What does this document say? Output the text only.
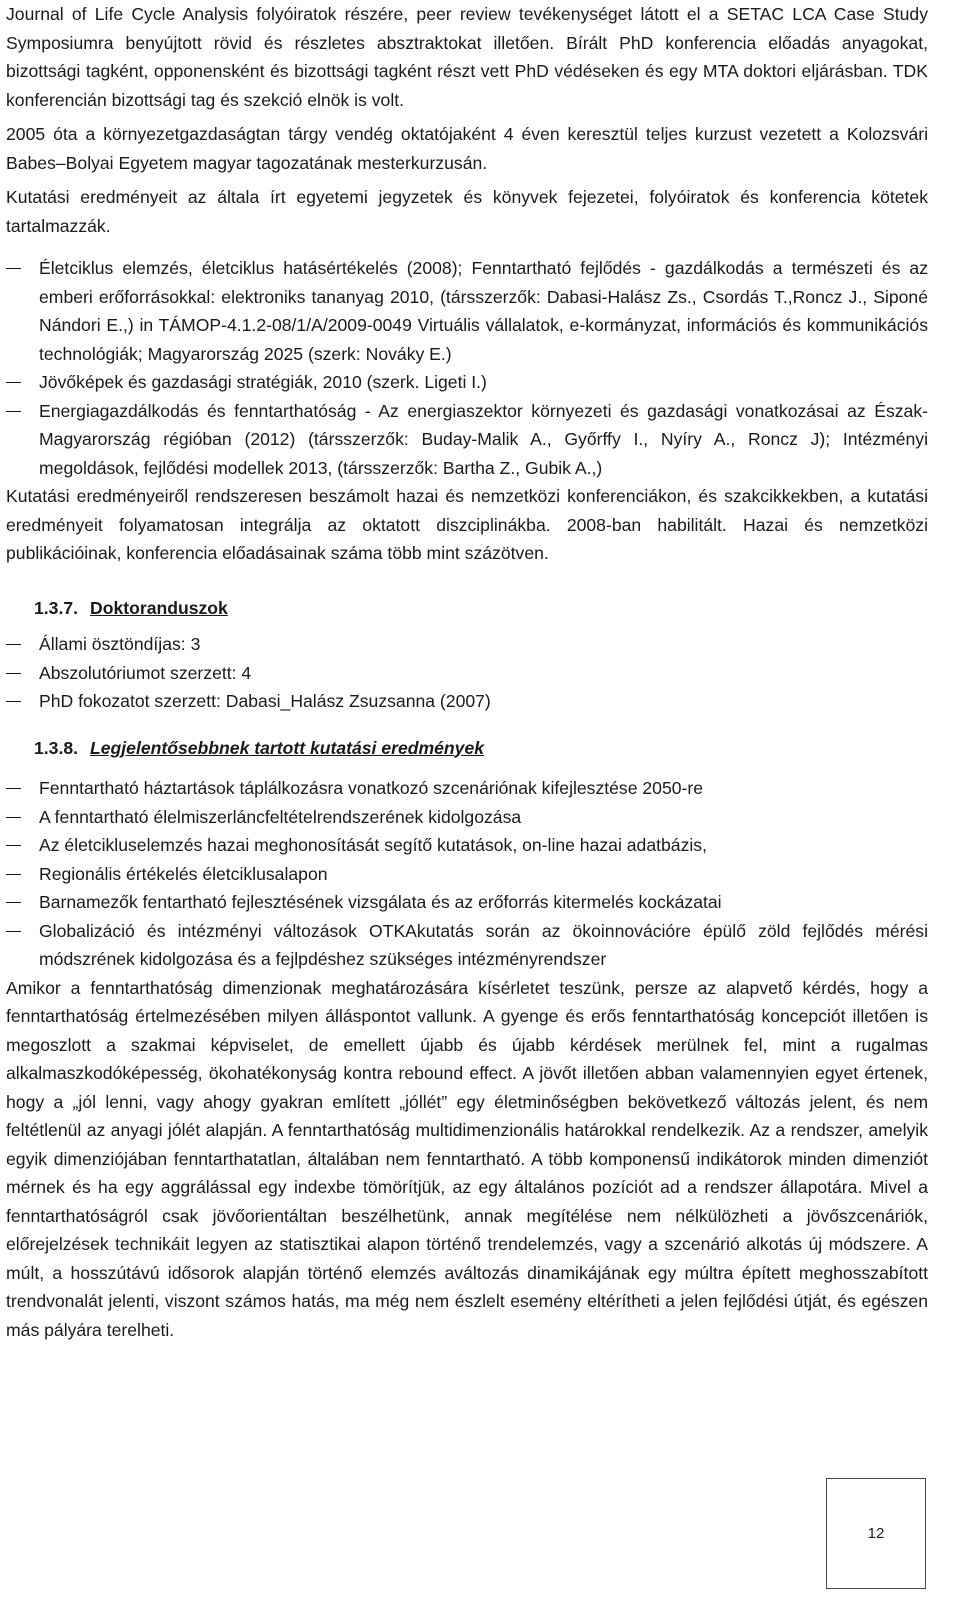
Journal of Life Cycle Analysis folyóiratok részére, peer review tevékenységet látott el a SETAC LCA Case Study Symposiumra benyújtott rövid és részletes absztraktokat illetően. Bírált PhD konferencia előadás anyagokat, bizottsági tagként, opponensként és bizottsági tagként részt vett PhD védéseken és egy MTA doktori eljárásban. TDK konferencián bizottsági tag és szekció elnök is volt.

2005 óta a környezetgazdaságtan tárgy vendég oktatójaként 4 éven keresztül teljes kurzust vezetett a Kolozsvári Babes–Bolyai Egyetem magyar tagozatának mesterkurzusán.

Kutatási eredményeit az általa írt egyetemi jegyzetek és könyvek fejezetei, folyóiratok és konferencia kötetek tartalmazzák.

Életciklus elemzés, életciklus hatásértékelés (2008); Fenntartható fejlődés - gazdálkodás a természeti és az emberi erőforrásokkal: elektroniks tananyag 2010, (társszerzők: Dabasi-Halász Zs., Csordás T.,Roncz J., Siponé Nándori E.,) in TÁMOP-4.1.2-08/1/A/2009-0049 Virtuális vállalatok, e-kormányzat, információs és kommunikációs technológiák; Magyarország 2025 (szerk: Nováky E.)
Jövőképek és gazdasági stratégiák, 2010 (szerk. Ligeti I.)
Energiagazdálkodás és fenntarthatóság - Az energiaszektor környezeti és gazdasági vonatkozásai az Észak-Magyarország régióban (2012) (társszerzők: Buday-Malik A., Győrffy I., Nyíry A., Roncz J); Intézményi megoldások, fejlődési modellek 2013, (társszerzők: Bartha Z., Gubik A.,)

Kutatási eredményeiről rendszeresen beszámolt hazai és nemzetközi konferenciákon, és szakcikkekben, a kutatási eredményeit folyamatosan integrálja az oktatott diszciplinákba. 2008-ban habilitált. Hazai és nemzetközi publikációinak, konferencia előadásainak száma több mint százötven.

1.3.7. Doktoranduszok
Állami ösztöndíjas: 3
Abszolutóriumot szerzett: 4
PhD fokozatot szerzett: Dabasi_Halász Zsuzsanna (2007)
1.3.8. Legjelentősebbnek tartott kutatási eredmények
Fenntartható háztartások táplálkozásra vonatkozó szcenáriónak kifejlesztése 2050-re
A fenntartható élelmiszerláncfeltételrendszerének kidolgozása
Az életcikluselemzés hazai meghonosítását segítő kutatások, on-line hazai adatbázis,
Regionális értékelés életciklusalapon
Barnamezők fentartható fejlesztésének vizsgálata és az erőforrás kitermelés kockázatai
Globalizáció és intézményi változások OTKAkutatás során az ökoinnovációre épülő zöld fejlődés mérési módszrének kidolgozása és a fejlpdéshez szükséges intézményrendszer

Amikor a fenntarthatóság dimenzionak meghatározására kísérletet teszünk, persze az alapvető kérdés, hogy a fenntarthatóság értelmezésében milyen álláspontot vallunk. A gyenge és erős fenntarthatóság koncepciót illetően is megoszlott a szakmai képviselet, de emellett újabb és újabb kérdések merülnek fel, mint a rugalmas alkalmaszkodóképesség, ökohatékonyság kontra rebound effect. A jövőt illetően abban valamennyien egyet értenek, hogy a „jól lenni, vagy ahogy gyakran említett „jóllét” egy életminőségben bekövetkező változás jelent, és nem feltétlenül az anyagi jólét alapján. A fenntarthatóság multidimenzionális határokkal rendelkezik. Az a rendszer, amelyik egyik dimenziójában fenntarthatatlan, általában nem fenntartható. A több komponensű indikátorok minden dimenziót mérnek és ha egy aggrálással egy indexbe tömörítjük, az egy általános pozíciót ad a rendszer állapotára. Mivel a fenntarthatóságról csak jövőorientáltan beszélhetünk, annak megítélése nem nélkülözheti a jövőszcenáriók, előrejelzések technikáit legyen az statisztikai alapon történő trendelemzés, vagy a szcenárió alkotás új módszere. A múlt, a hosszútávú idősorok alapján történő elemzés aváltozás dinamikájának egy múltra épített meghosszabított trendvonalát jelenti, viszont számos hatás, ma még nem észlelt esemény eltérítheti a jelen fejlődési útját, és egészen más pályára terelheti.

12
